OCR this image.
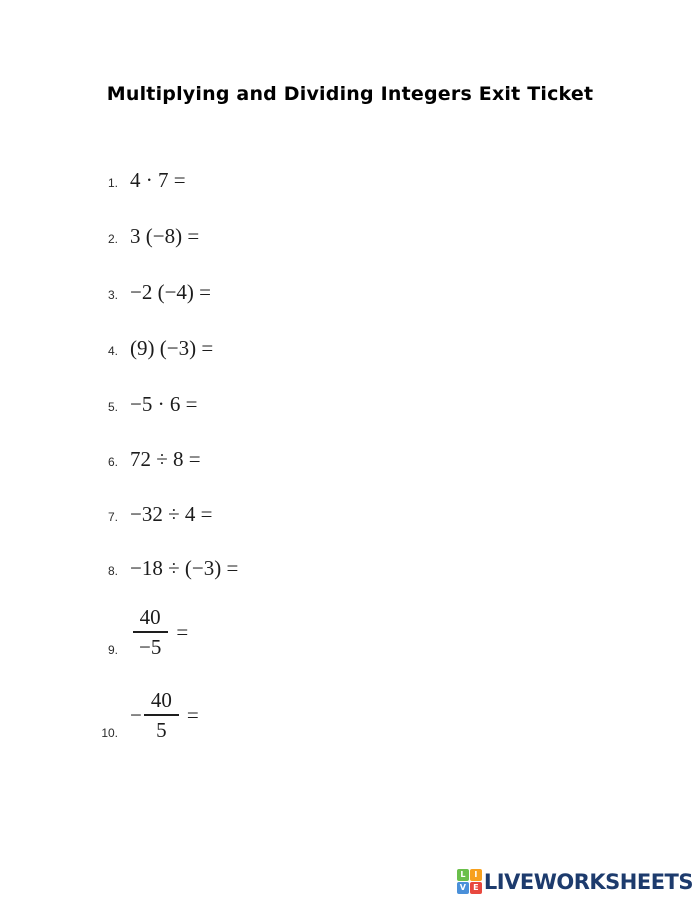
Multiplying and Dividing Integers Exit Ticket
1. 4 · 7 =
2. 3 (−8) =
3. −2 (−4) =
4. (9) (−3) =
5. −5 · 6 =
6. 72 ÷ 8 =
7. −32 ÷ 4 =
8. −18 ÷ (−3) =
9. $\frac{40}{-5}$ =
10.
− $\frac{40}{5}$ =
L	I
V E LIVEWORKSHEETS
